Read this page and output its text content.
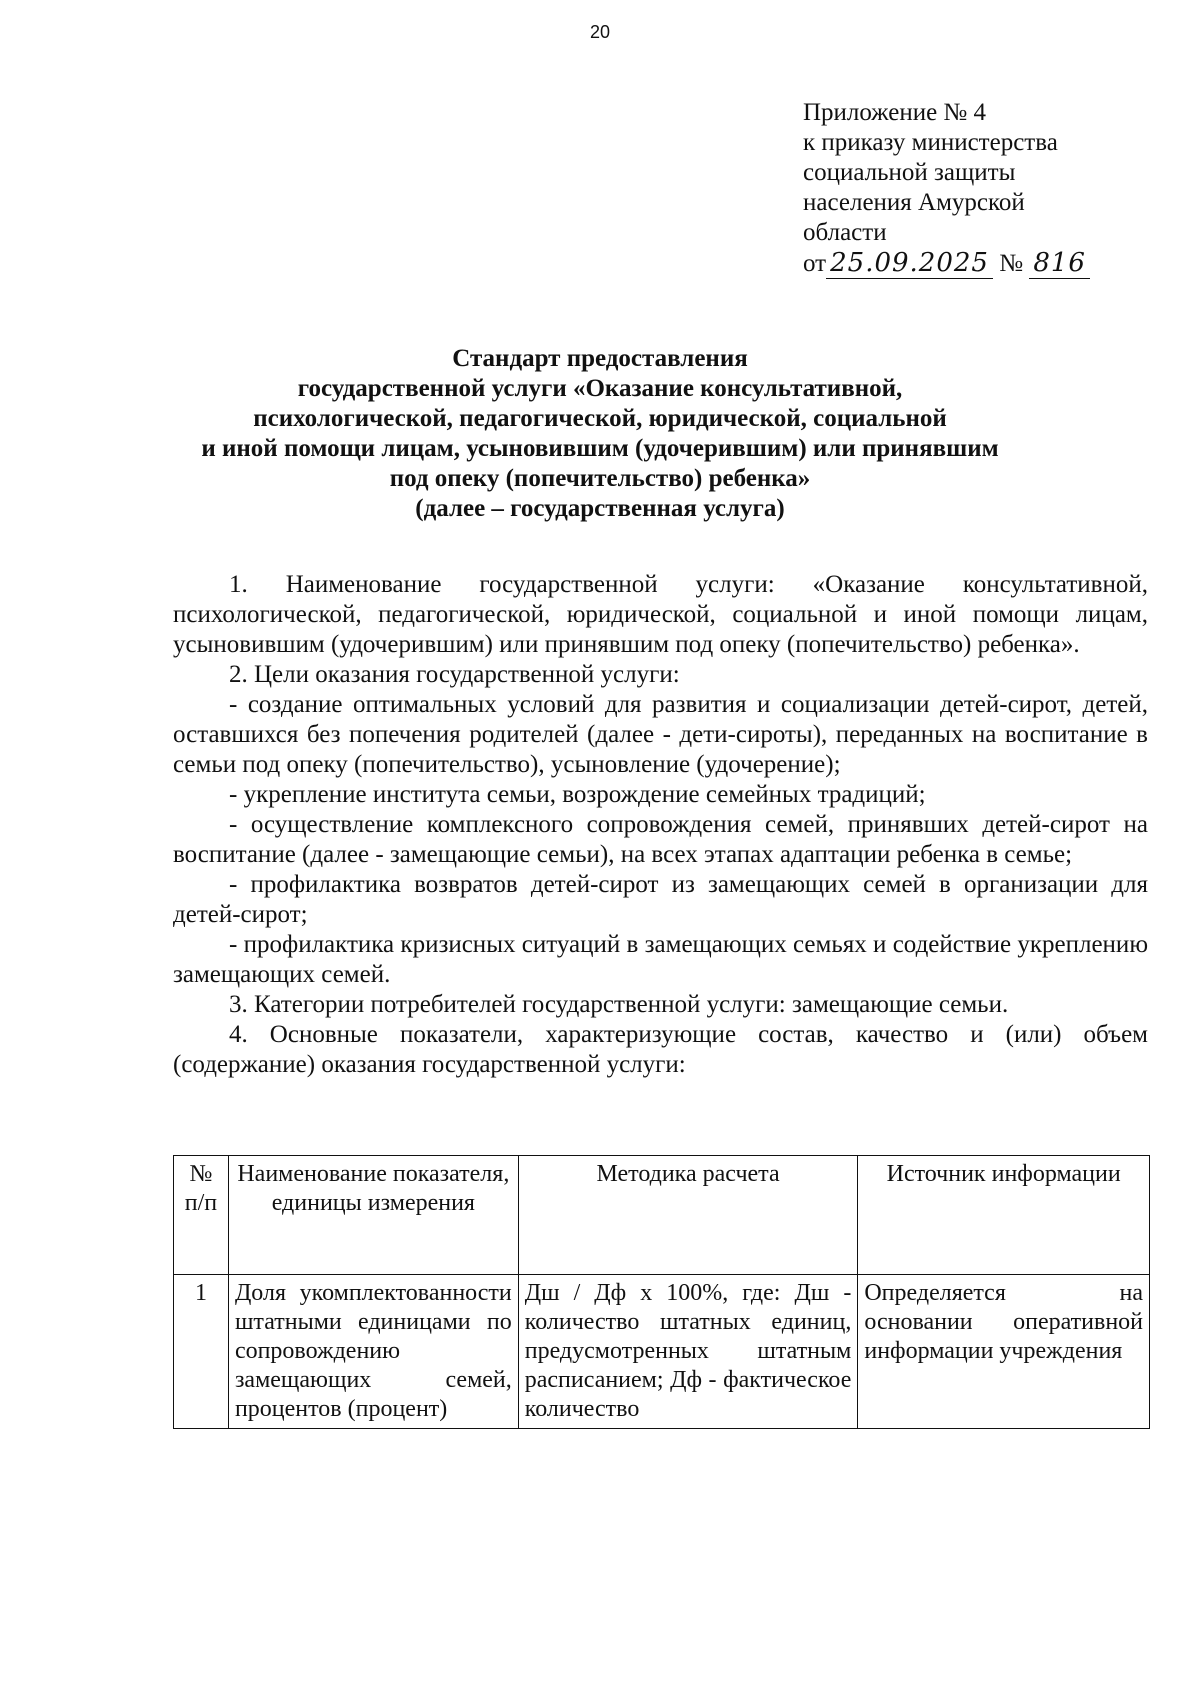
20
Приложение № 4
к приказу министерства
социальной защиты
населения Амурской
области
от 25.09.2025 № 816
Стандарт предоставления
государственной услуги «Оказание консультативной,
психологической, педагогической, юридической, социальной
и иной помощи лицам, усыновившим (удочерившим) или принявшим
под опеку (попечительство) ребенка»
(далее – государственная услуга)

1. Наименование государственной услуги: «Оказание консультативной, психологической, педагогической, юридической, социальной и иной помощи лицам, усыновившим (удочерившим) или принявшим под опеку (попечительство) ребенка».

2. Цели оказания государственной услуги:

- создание оптимальных условий для развития и социализации детей-сирот, детей, оставшихся без попечения родителей (далее - дети-сироты), переданных на воспитание в семьи под опеку (попечительство), усыновление (удочерение);

- укрепление института семьи, возрождение семейных традиций;

- осуществление комплексного сопровождения семей, принявших детей-сирот на воспитание (далее - замещающие семьи), на всех этапах адаптации ребенка в семье;

- профилактика возвратов детей-сирот из замещающих семей в организации для детей-сирот;

- профилактика кризисных ситуаций в замещающих семьях и содействие укреплению замещающих семей.

3. Категории потребителей государственной услуги: замещающие семьи.

4. Основные показатели, характеризующие состав, качество и (или) объем (содержание) оказания государственной услуги:

№ п/п	Наименование показателя, единицы измерения	Методика расчета	Источник информации
1	Доля укомплектованности штатными единицами по сопровождению замещающих семей, процентов (процент)	Дш / Дф х 100%, где: Дш - количество штатных единиц, предусмотренных штатным расписанием; Дф - фактическое количество	Определяется на основании оперативной информации учреждения
